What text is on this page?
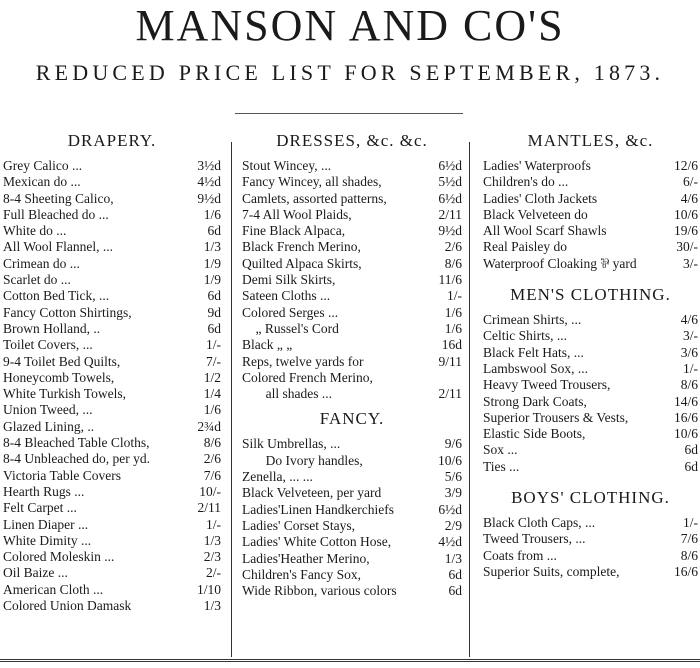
MANSON AND CO'S
REDUCED PRICE LIST FOR SEPTEMBER, 1873.
DRAPERY.
Grey Calico ...	3½d
Mexican do ...	4½d
8-4 Sheeting Calico,	9½d
Full Bleached do ...	1/6
White do ...	6d
All Wool Flannel, ...	1/3
Crimean do ...	1/9
Scarlet do ...	1/9
Cotton Bed Tick, ...	6d
Fancy Cotton Shirtings,	9d
Brown Holland, ..	6d
Toilet Covers, ...	1/-
9-4 Toilet Bed Quilts,	7/-
Honeycomb Towels,	1/2
White Turkish Towels,	1/4
Union Tweed, ...	1/6
Glazed Lining, ..	2¾d
8-4 Bleached Table Cloths,	8/6
8-4 Unbleached do, per yd.	2/6
Victoria Table Covers	7/6
Hearth Rugs ...	10/-
Felt Carpet ...	2/11
Linen Diaper ...	1/-
White Dimity ...	1/3
Colored Moleskin ...	2/3
Oil Baize ...	2/-
American Cloth ...	1/10
Colored Union Damask	1/3
DRESSES, &c. &c.
Stout Wincey, ...	6½d
Fancy Wincey, all shades,	5½d
Camlets, assorted patterns,	6½d
7-4 All Wool Plaids,	2/11
Fine Black Alpaca,	9½d
Black French Merino,	2/6
Quilted Alpaca Skirts,	8/6
Demi Silk Skirts,	11/6
Sateen Cloths ...	1/-
Colored Serges ...	1/6
„ Russel's Cord	1/6
Black „ „	16d
Reps, twelve yards for	9/11
Colored French Merino,
all shades ...	2/11
FANCY.
Silk Umbrellas, ...	9/6
Do Ivory handles,	10/6
Zenella, ... ...	5/6
Black Velveteen, per yard	3/9
Ladies'Linen Handkerchiefs	6½d
Ladies' Corset Stays,	2/9
Ladies' White Cotton Hose,	4½d
Ladies'Heather Merino,	1/3
Children's Fancy Sox,	6d
Wide Ribbon, various colors	6d
MANTLES, &c.
Ladies' Waterproofs	12/6
Children's do ...	6/-
Ladies' Cloth Jackets	4/6
Black Velveteen do	10/6
All Wool Scarf Shawls	19/6
Real Paisley do	30/-
Waterproof Cloaking ⅌ yard	3/-
MEN'S CLOTHING.
Crimean Shirts, ...	4/6
Celtic Shirts, ...	3/-
Black Felt Hats, ...	3/6
Lambswool Sox, ...	1/-
Heavy Tweed Trousers,	8/6
Strong Dark Coats,	14/6
Superior Trousers & Vests,	16/6
Elastic Side Boots,	10/6
Sox ...	6d
Ties ...	6d
BOYS' CLOTHING.
Black Cloth Caps, ...	1/-
Tweed Trousers, ...	7/6
Coats from ...	8/6
Superior Suits, complete,	16/6
